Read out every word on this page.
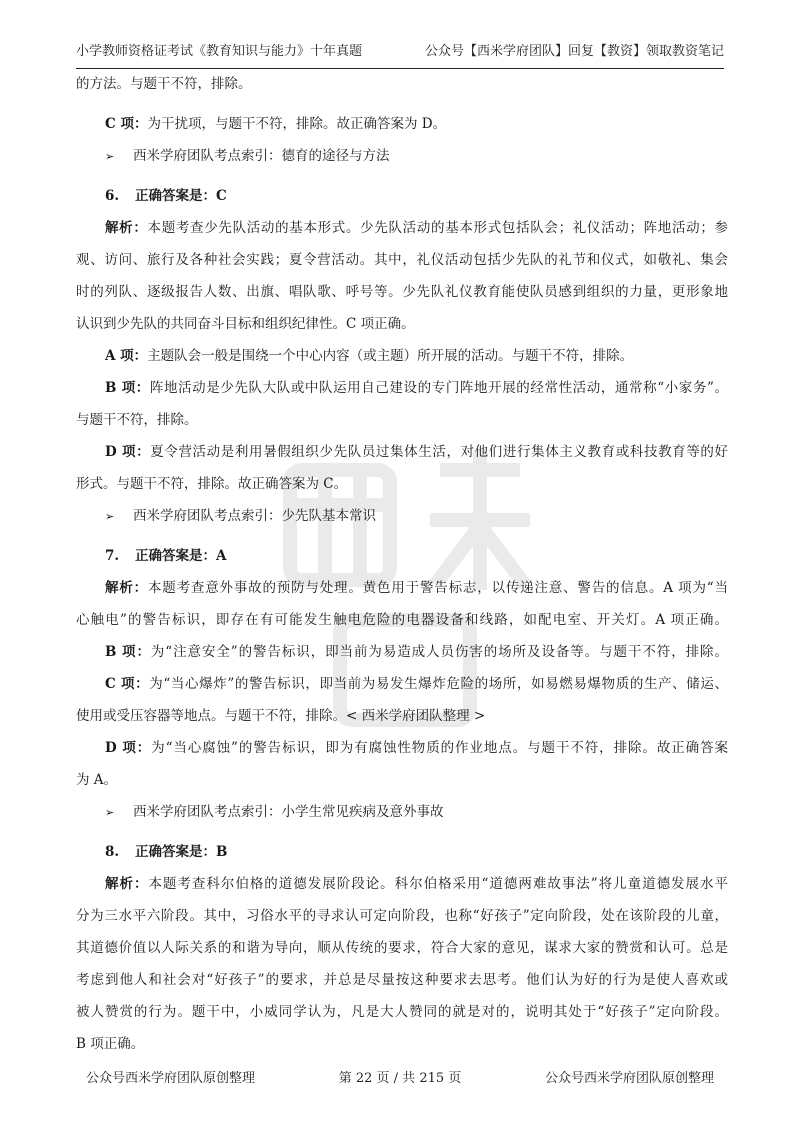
小学教师资格证考试《教育知识与能力》十年真题	公众号【西米学府团队】回复【教资】领取教资笔记
的方法。与题干不符，排除。
C 项：为干扰项，与题干不符，排除。故正确答案为 D。
➢ 西米学府团队考点索引：德育的途径与方法
6. 正确答案是：C
解析：本题考查少先队活动的基本形式。少先队活动的基本形式包括队会；礼仪活动；阵地活动；参
观、访问、旅行及各种社会实践；夏令营活动。其中，礼仪活动包括少先队的礼节和仪式，如敬礼、集会
时的列队、逐级报告人数、出旗、唱队歌、呼号等。少先队礼仪教育能使队员感到组织的力量，更形象地
认识到少先队的共同奋斗目标和组织纪律性。C 项正确。
A 项：主题队会一般是围绕一个中心内容（或主题）所开展的活动。与题干不符，排除。
B 项：阵地活动是少先队大队或中队运用自己建设的专门阵地开展的经常性活动，通常称“小家务”。
与题干不符，排除。
D 项：夏令营活动是利用暑假组织少先队员过集体生活，对他们进行集体主义教育或科技教育等的好
形式。与题干不符，排除。故正确答案为 C。
➢ 西米学府团队考点索引：少先队基本常识
7. 正确答案是：A
解析：本题考查意外事故的预防与处理。黄色用于警告标志，以传递注意、警告的信息。A 项为“当
心触电”的警告标识，即存在有可能发生触电危险的电器设备和线路，如配电室、开关灯。A 项正确。
B 项：为“注意安全”的警告标识，即当前为易造成人员伤害的场所及设备等。与题干不符，排除。
C 项：为“当心爆炸”的警告标识，即当前为易发生爆炸危险的场所，如易燃易爆物质的生产、储运、
使用或受压容器等地点。与题干不符，排除。< 西米学府团队整理 >
D 项：为“当心腐蚀”的警告标识，即为有腐蚀性物质的作业地点。与题干不符，排除。故正确答案
为 A。
➢ 西米学府团队考点索引：小学生常见疾病及意外事故
8. 正确答案是：B
解析：本题考查科尔伯格的道德发展阶段论。科尔伯格采用“道德两难故事法”将儿童道德发展水平
分为三水平六阶段。其中，习俗水平的寻求认可定向阶段，也称“好孩子”定向阶段，处在该阶段的儿童，
其道德价值以人际关系的和谐为导向，顺从传统的要求，符合大家的意见，谋求大家的赞赏和认可。总是
考虑到他人和社会对“好孩子”的要求，并总是尽量按这种要求去思考。他们认为好的行为是使人喜欢或
被人赞赏的行为。题干中，小威同学认为，凡是大人赞同的就是对的，说明其处于“好孩子”定向阶段。
B 项正确。
公众号西米学府团队原创整理	第 22 页 / 共 215 页	公众号西米学府团队原创整理
